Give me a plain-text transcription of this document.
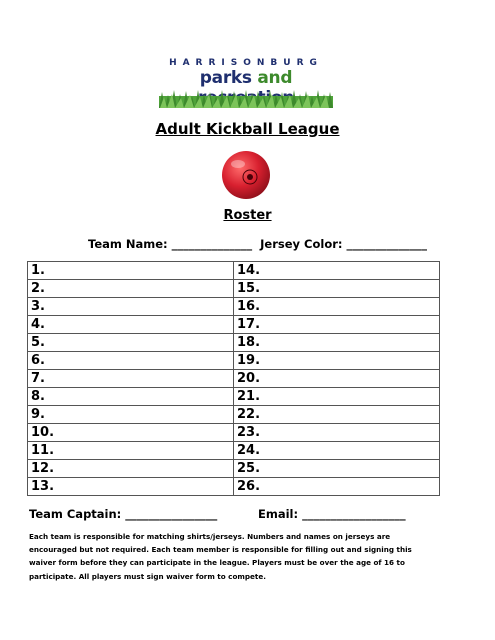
HARRISONBURG
parks and
Adult Kickball League
Roster
Team Name: ______________ Jersey Color: ______________
1.	14.
2.	15.
3.	16.
4.	17.
5.	18.
6.	19.
7.	20.
8.	21.
9.	22.
10.	23.
11.	24.
12.	25.
13.	26.
Team Captain: ________________	Email: __________________
Each team is responsible for matching shirts/jerseys. Numbers and names on jerseys are encouraged but not required. Each team member is responsible for filling out and signing this waiver form before they can participate in the league. Players must be over the age of 16 to participate. All players must sign waiver form to compete.
